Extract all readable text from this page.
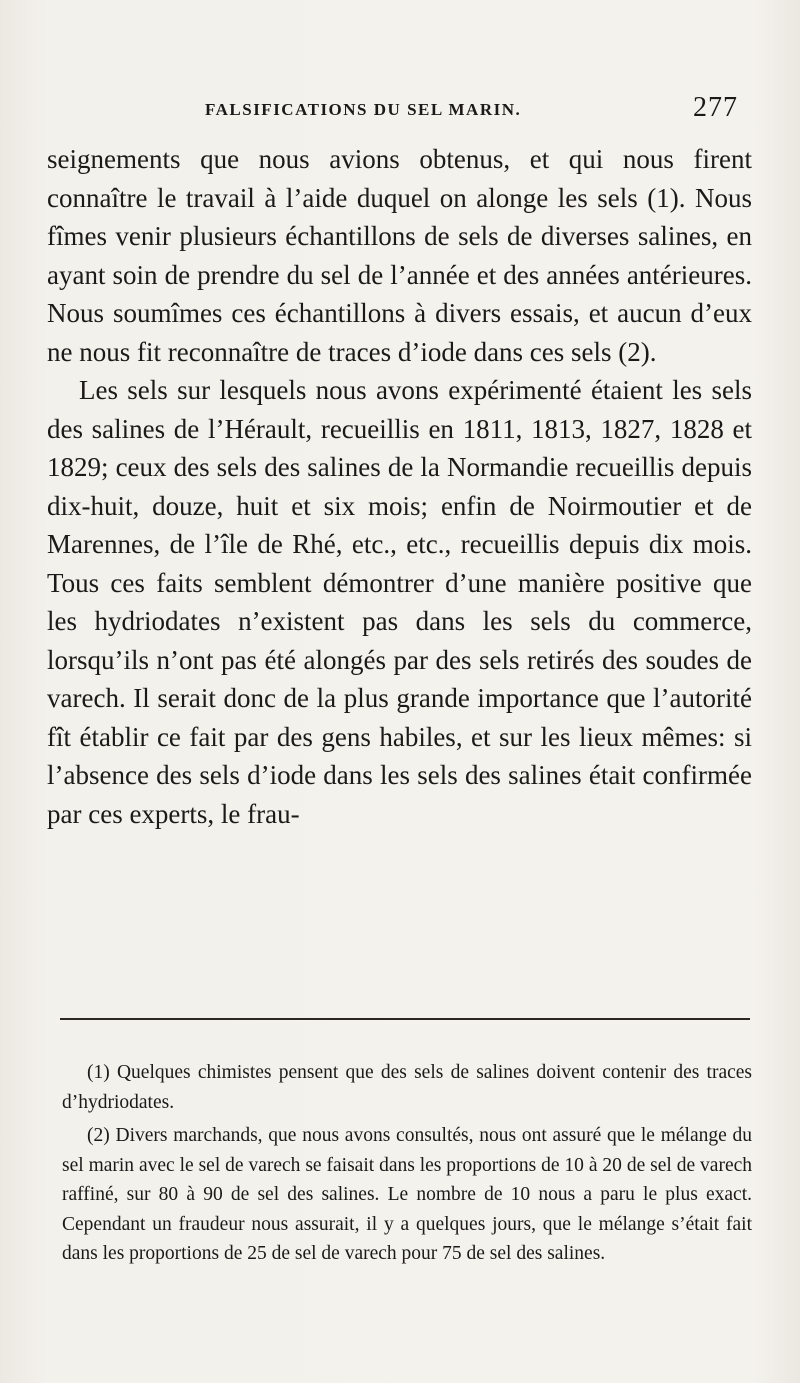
FALSIFICATIONS DU SEL MARIN.	277

seignements que nous avions obtenus, et qui nous firent connaître le travail à l’aide duquel on alonge les sels (1). Nous fîmes venir plusieurs échantillons de sels de diverses salines, en ayant soin de prendre du sel de l’année et des années antérieures. Nous soumîmes ces échantillons à divers essais, et aucun d’eux ne nous fit reconnaître de traces d’iode dans ces sels (2).

Les sels sur lesquels nous avons expérimenté étaient les sels des salines de l’Hérault, recueillis en 1811, 1813, 1827, 1828 et 1829; ceux des sels des salines de la Normandie recueillis depuis dix-huit, douze, huit et six mois; enfin de Noirmoutier et de Marennes, de l’île de Rhé, etc., etc., recueillis depuis dix mois. Tous ces faits semblent démontrer d’une manière positive que les hydriodates n’existent pas dans les sels du commerce, lorsqu’ils n’ont pas été alongés par des sels retirés des soudes de varech. Il serait donc de la plus grande importance que l’autorité fît établir ce fait par des gens habiles, et sur les lieux mêmes: si l’absence des sels d’iode dans les sels des salines était confirmée par ces experts, le frau-

(1) Quelques chimistes pensent que des sels de salines doivent contenir des traces d’hydriodates.

(2) Divers marchands, que nous avons consultés, nous ont assuré que le mélange du sel marin avec le sel de varech se faisait dans les proportions de 10 à 20 de sel de varech raffiné, sur 80 à 90 de sel des salines. Le nombre de 10 nous a paru le plus exact. Cependant un fraudeur nous assurait, il y a quelques jours, que le mélange s’était fait dans les proportions de 25 de sel de varech pour 75 de sel des salines.
